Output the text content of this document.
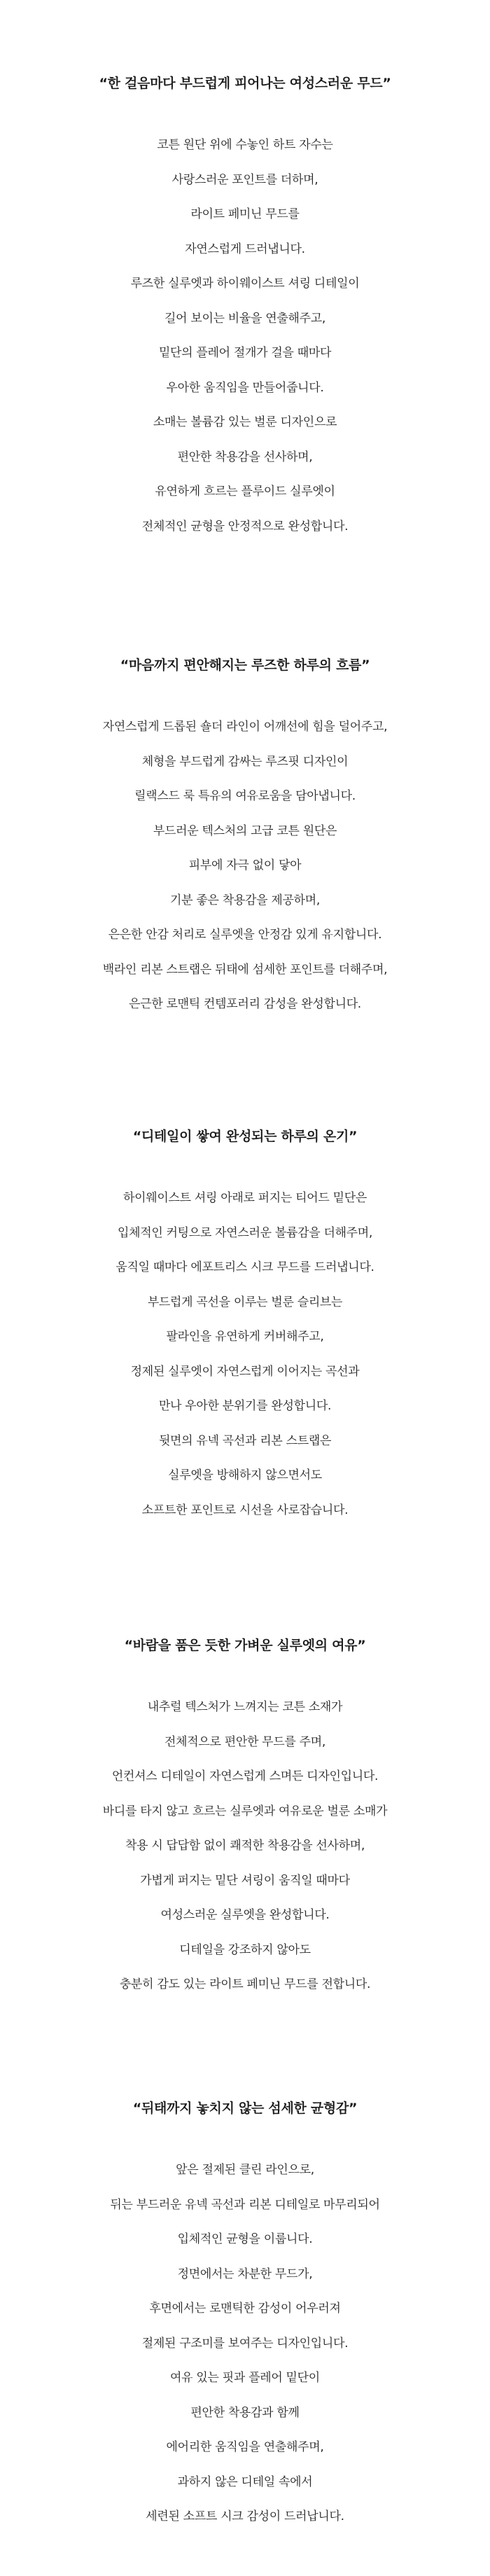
“한 걸음마다 부드럽게 피어나는 여성스러운 무드”
코튼 원단 위에 수놓인 하트 자수는
사랑스러운 포인트를 더하며,
라이트 페미닌 무드를
자연스럽게 드러냅니다.
루즈한 실루엣과 하이웨이스트 셔링 디테일이
길어 보이는 비율을 연출해주고,
밑단의 플레어 절개가 걸을 때마다
우아한 움직임을 만들어줍니다.
소매는 볼륨감 있는 벌룬 디자인으로
편안한 착용감을 선사하며,
유연하게 흐르는 플루이드 실루엣이
전체적인 균형을 안정적으로 완성합니다.
“마음까지 편안해지는 루즈한 하루의 흐름”
자연스럽게 드롭된 숄더 라인이 어깨선에 힘을 덜어주고,
체형을 부드럽게 감싸는 루즈핏 디자인이
릴랙스드 룩 특유의 여유로움을 담아냅니다.
부드러운 텍스처의 고급 코튼 원단은
피부에 자극 없이 닿아
기분 좋은 착용감을 제공하며,
은은한 안감 처리로 실루엣을 안정감 있게 유지합니다.
백라인 리본 스트랩은 뒤태에 섬세한 포인트를 더해주며,
은근한 로맨틱 컨템포러리 감성을 완성합니다.
“디테일이 쌓여 완성되는 하루의 온기”
하이웨이스트 셔링 아래로 퍼지는 티어드 밑단은
입체적인 커팅으로 자연스러운 볼륨감을 더해주며,
움직일 때마다 에포트리스 시크 무드를 드러냅니다.
부드럽게 곡선을 이루는 벌룬 슬리브는
팔라인을 유연하게 커버해주고,
정제된 실루엣이 자연스럽게 이어지는 곡선과
만나 우아한 분위기를 완성합니다.
뒷면의 유넥 곡선과 리본 스트랩은
실루엣을 방해하지 않으면서도
소프트한 포인트로 시선을 사로잡습니다.
“바람을 품은 듯한 가벼운 실루엣의 여유”
내추럴 텍스처가 느껴지는 코튼 소재가
전체적으로 편안한 무드를 주며,
언컨셔스 디테일이 자연스럽게 스며든 디자인입니다.
바디를 타지 않고 흐르는 실루엣과 여유로운 벌룬 소매가
착용 시 답답함 없이 쾌적한 착용감을 선사하며,
가볍게 퍼지는 밑단 셔링이 움직일 때마다
여성스러운 실루엣을 완성합니다.
디테일을 강조하지 않아도
충분히 감도 있는 라이트 페미닌 무드를 전합니다.
“뒤태까지 놓치지 않는 섬세한 균형감”
앞은 절제된 클린 라인으로,
뒤는 부드러운 유넥 곡선과 리본 디테일로 마무리되어
입체적인 균형을 이룹니다.
정면에서는 차분한 무드가,
후면에서는 로맨틱한 감성이 어우러져
절제된 구조미를 보여주는 디자인입니다.
여유 있는 핏과 플레어 밑단이
편안한 착용감과 함께
에어리한 움직임을 연출해주며,
과하지 않은 디테일 속에서
세련된 소프트 시크 감성이 드러납니다.
